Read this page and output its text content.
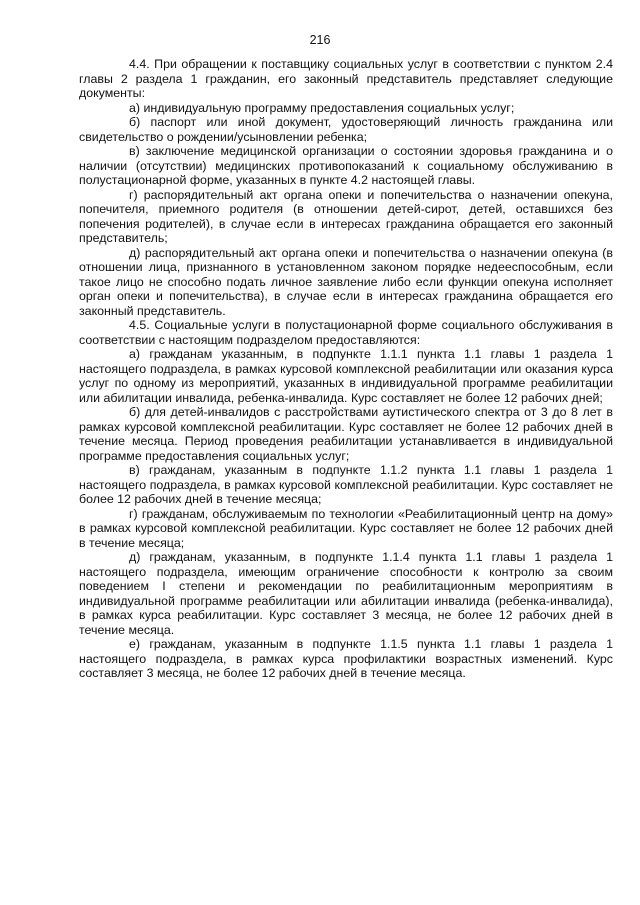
216

4.4. При обращении к поставщику социальных услуг в соответствии с пунктом 2.4 главы 2 раздела 1 гражданин, его законный представитель представляет следующие документы:

а) индивидуальную программу предоставления социальных услуг;

б) паспорт или иной документ, удостоверяющий личность гражданина или свидетельство о рождении/усыновлении ребенка;

в) заключение медицинской организации о состоянии здоровья гражданина и о наличии (отсутствии) медицинских противопоказаний к социальному обслуживанию в полустационарной форме, указанных в пункте 4.2 настоящей главы.

г) распорядительный акт органа опеки и попечительства о назначении опекуна, попечителя, приемного родителя (в отношении детей-сирот, детей, оставшихся без попечения родителей), в случае если в интересах гражданина обращается его законный представитель;

д) распорядительный акт органа опеки и попечительства о назначении опекуна (в отношении лица, признанного в установленном законом порядке недееспособным, если такое лицо не способно подать личное заявление либо если функции опекуна исполняет орган опеки и попечительства), в случае если в интересах гражданина обращается его законный представитель.

4.5. Социальные услуги в полустационарной форме социального обслуживания в соответствии с настоящим подразделом предоставляются:

а) гражданам указанным, в подпункте 1.1.1 пункта 1.1 главы 1 раздела 1 настоящего подраздела, в рамках курсовой комплексной реабилитации или оказания курса услуг по одному из мероприятий, указанных в индивидуальной программе реабилитации или абилитации инвалида, ребенка-инвалида. Курс составляет не более 12 рабочих дней;

б) для детей-инвалидов с расстройствами аутистического спектра от 3 до 8 лет в рамках курсовой комплексной реабилитации. Курс составляет не более 12 рабочих дней в течение месяца. Период проведения реабилитации устанавливается в индивидуальной программе предоставления социальных услуг;

в) гражданам, указанным в подпункте 1.1.2 пункта 1.1 главы 1 раздела 1 настоящего подраздела, в рамках курсовой комплексной реабилитации. Курс составляет не более 12 рабочих дней в течение месяца;

г) гражданам, обслуживаемым по технологии «Реабилитационный центр на дому» в рамках курсовой комплексной реабилитации. Курс составляет не более 12 рабочих дней в течение месяца;

д) гражданам, указанным, в подпункте 1.1.4 пункта 1.1 главы 1 раздела 1 настоящего подраздела, имеющим ограничение способности к контролю за своим поведением I степени и рекомендации по реабилитационным мероприятиям в индивидуальной программе реабилитации или абилитации инвалида (ребенка-инвалида), в рамках курса реабилитации. Курс составляет 3 месяца, не более 12 рабочих дней в течение месяца.

е) гражданам, указанным в подпункте 1.1.5 пункта 1.1 главы 1 раздела 1 настоящего подраздела, в рамках курса профилактики возрастных изменений. Курс составляет 3 месяца, не более 12 рабочих дней в течение месяца.
